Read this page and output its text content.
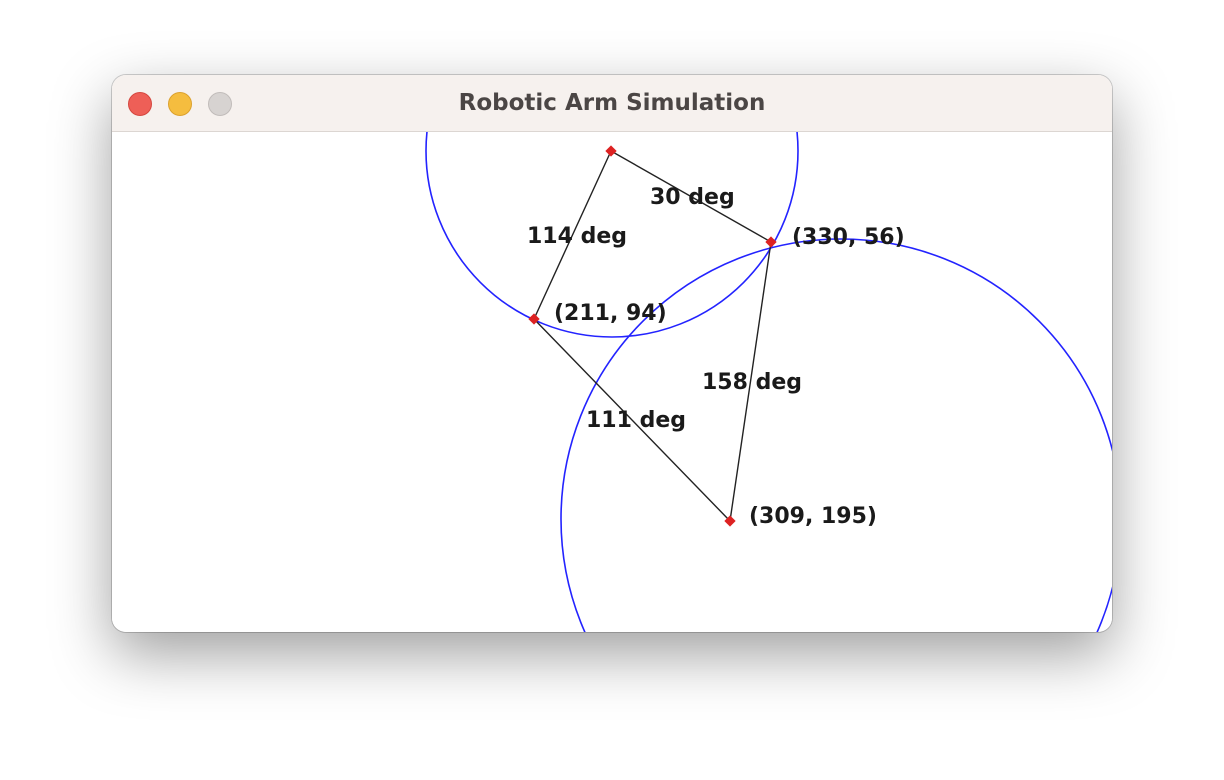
Robotic Arm Simulation
(211, 94)
(330, 56)
(309, 195)
30 deg
114 deg
158 deg
111 deg
